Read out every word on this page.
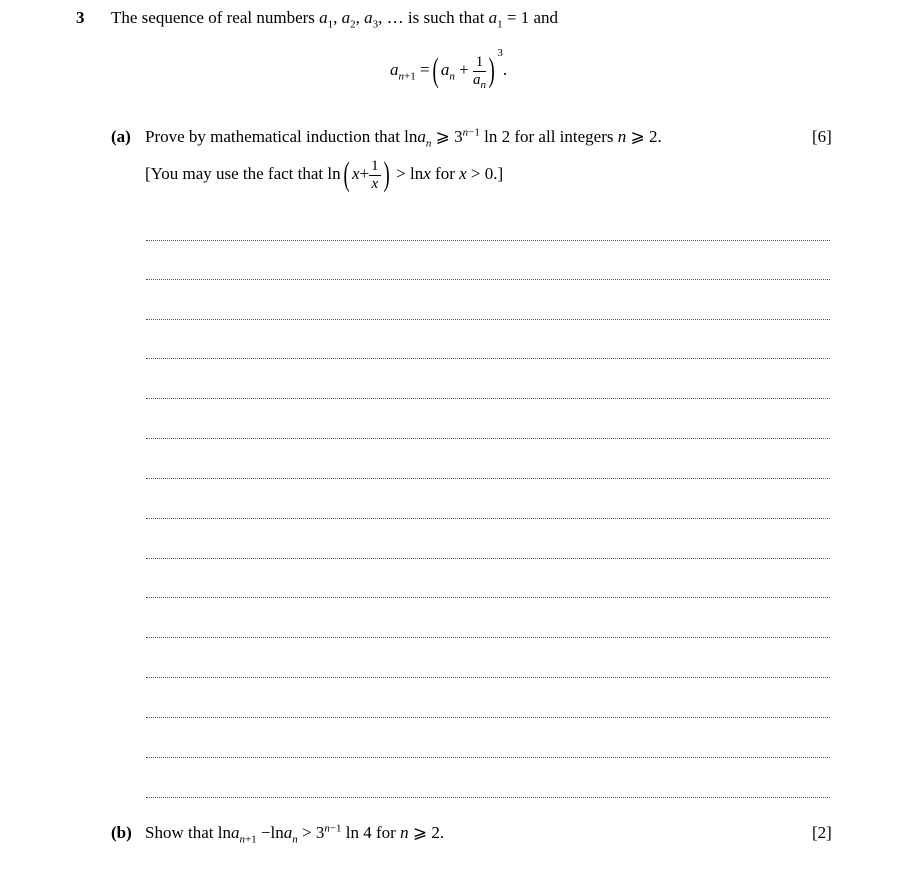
3 The sequence of real numbers $a_1$, $a_2$, $a_3$, … is such that $a_1 = 1$ and
$a_{n+1}$ =( $a_n + \frac{1}{a_n}$ ) $^3$.
(a) Prove by mathematical induction that lna$_n$ ⩾ $3^{n-1}$ ln 2 for all integers n ⩾ 2.	[6]
[You may use the fact that ln( $x+ \frac{1}{x}$ ) > lnx for x > 0.]
(b) Show that $\ln a_{n+1} -\ln a_n > 3^{n-1}$ ln 4 for n ⩾ 2.	[2]
